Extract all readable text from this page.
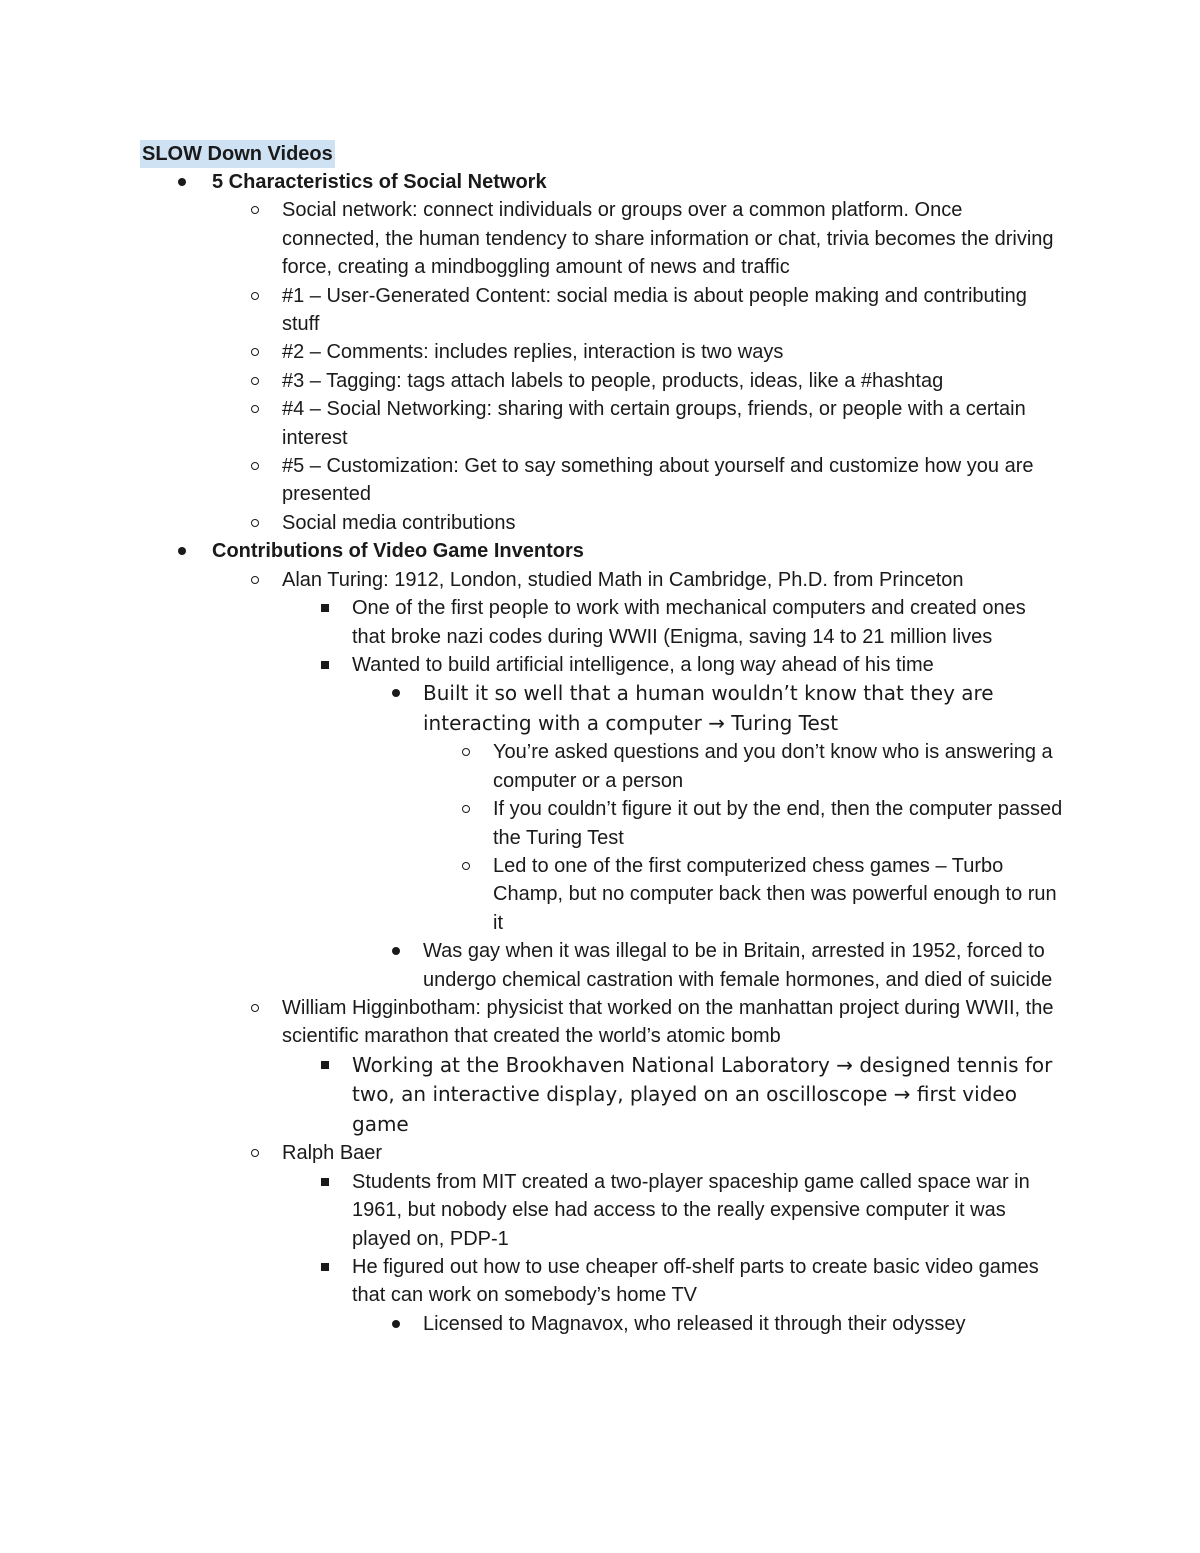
SLOW Down Videos
5 Characteristics of Social Network
Social network: connect individuals or groups over a common platform. Once connected, the human tendency to share information or chat, trivia becomes the driving force, creating a mindboggling amount of news and traffic
#1 – User-Generated Content: social media is about people making and contributing stuff
#2 – Comments: includes replies, interaction is two ways
#3 – Tagging: tags attach labels to people, products, ideas, like a #hashtag
#4 – Social Networking: sharing with certain groups, friends, or people with a certain interest
#5 – Customization: Get to say something about yourself and customize how you are presented
Social media contributions
Contributions of Video Game Inventors
Alan Turing: 1912, London, studied Math in Cambridge, Ph.D. from Princeton
One of the first people to work with mechanical computers and created ones that broke nazi codes during WWII (Enigma, saving 14 to 21 million lives
Wanted to build artificial intelligence, a long way ahead of his time
Built it so well that a human wouldn’t know that they are interacting with a computer → Turing Test
You’re asked questions and you don’t know who is answering a computer or a person
If you couldn’t figure it out by the end, then the computer passed the Turing Test
Led to one of the first computerized chess games – Turbo Champ, but no computer back then was powerful enough to run it
Was gay when it was illegal to be in Britain, arrested in 1952, forced to undergo chemical castration with female hormones, and died of suicide
William Higginbotham: physicist that worked on the manhattan project during WWII, the scientific marathon that created the world’s atomic bomb
Working at the Brookhaven National Laboratory → designed tennis for two, an interactive display, played on an oscilloscope → first video game
Ralph Baer
Students from MIT created a two-player spaceship game called space war in 1961, but nobody else had access to the really expensive computer it was played on, PDP-1
He figured out how to use cheaper off-shelf parts to create basic video games that can work on somebody’s home TV
Licensed to Magnavox, who released it through their odyssey
